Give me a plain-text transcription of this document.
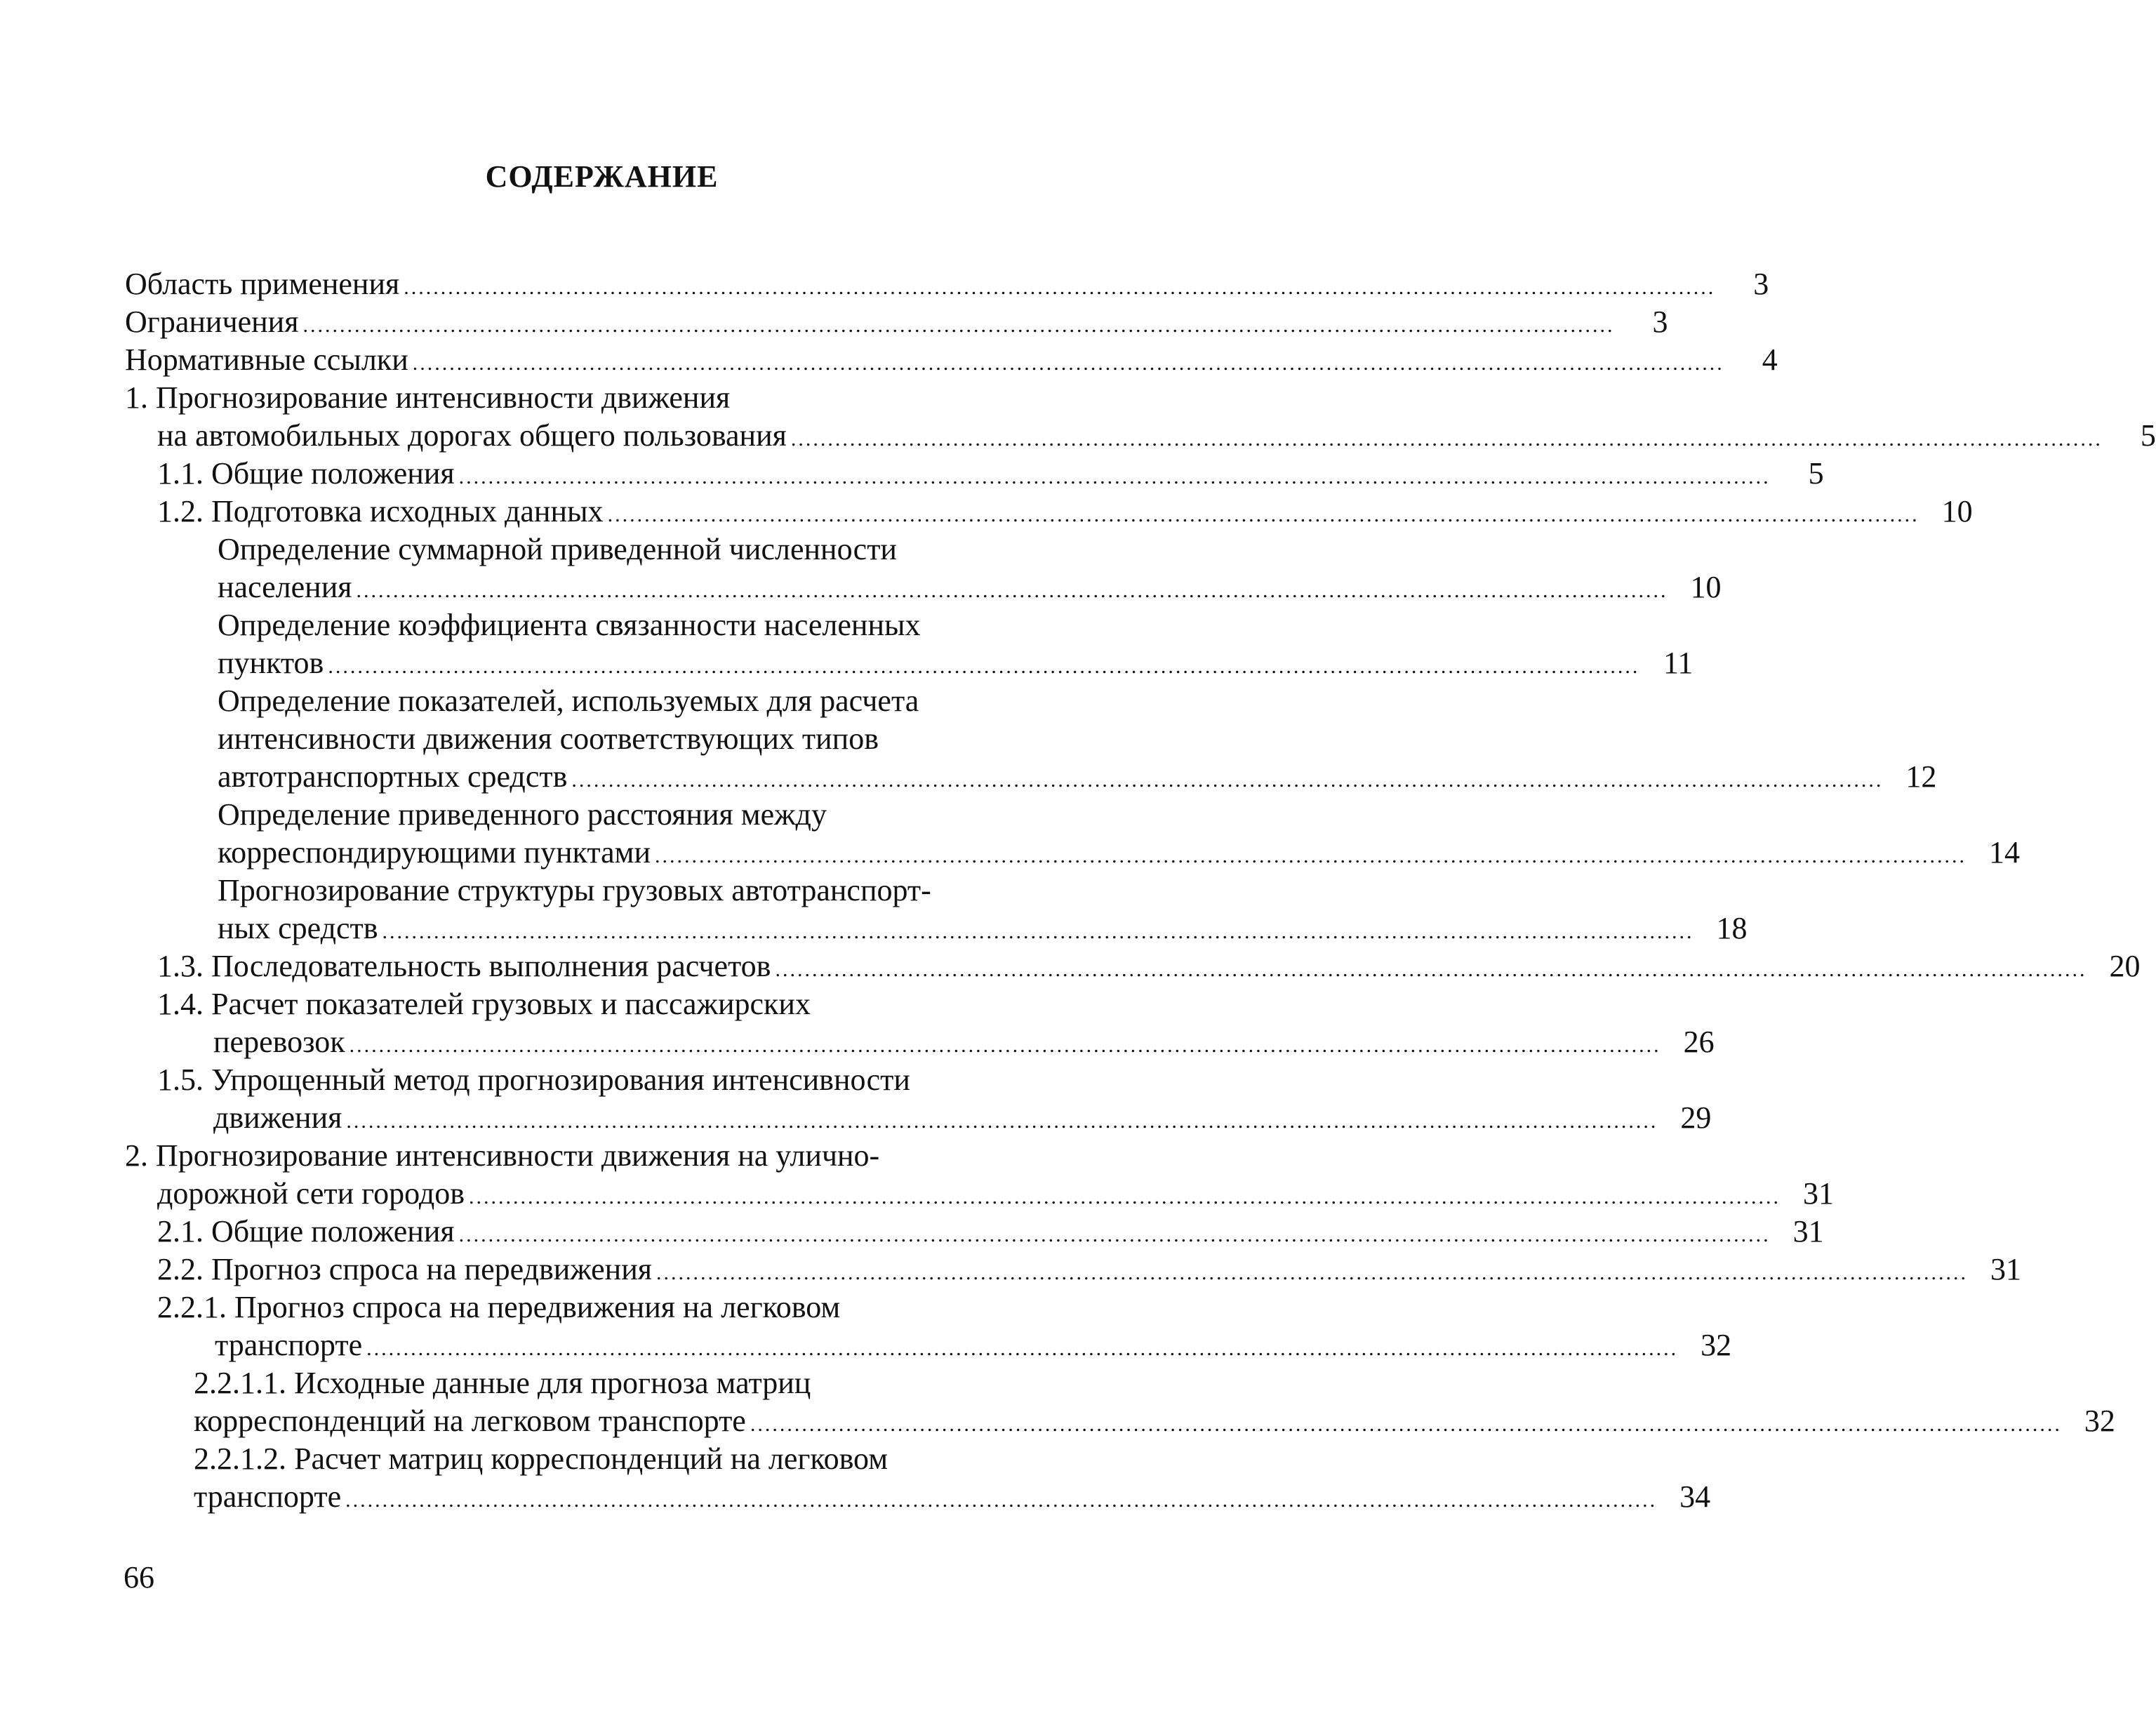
СОДЕРЖАНИЕ
Область применения ..................................................................................................................................................................................	3
Ограничения ..................................................................................................................................................................................	3
Нормативные ссылки ..................................................................................................................................................................................	4
1. Прогнозирование интенсивности движения
на автомобильных дорогах общего пользования ..................................................................................................................................................................................	5
1.1. Общие положения ..................................................................................................................................................................................	5
1.2. Подготовка исходных данных .................................................................................................................................................................................. 10
Определение суммарной приведенной численности
населения .................................................................................................................................................................................. 10
Определение коэффициента связанности населенных
пунктов .................................................................................................................................................................................. 11
Определение показателей, используемых для расчета
интенсивности движения соответствующих типов
автотранспортных средств .................................................................................................................................................................................. 12
Определение приведенного расстояния между
корреспондирующими пунктами .................................................................................................................................................................................. 14
Прогнозирование структуры грузовых автотранспорт-
ных средств .................................................................................................................................................................................. 18
1.3. Последовательность выполнения расчетов .................................................................................................................................................................................. 20
1.4. Расчет показателей грузовых и пассажирских
перевозок .................................................................................................................................................................................. 26
1.5. Упрощенный метод прогнозирования интенсивности
движения .................................................................................................................................................................................. 29
2. Прогнозирование интенсивности движения на улично-
дорожной сети городов .................................................................................................................................................................................. 31
2.1. Общие положения .................................................................................................................................................................................. 31
2.2. Прогноз спроса на передвижения .................................................................................................................................................................................. 31
2.2.1. Прогноз спроса на передвижения на легковом
транспорте .................................................................................................................................................................................. 32
2.2.1.1. Исходные данные для прогноза матриц
корреспонденций на легковом транспорте .................................................................................................................................................................................. 32
2.2.1.2. Расчет матриц корреспонденций на легковом
транспорте .................................................................................................................................................................................. 34
66
